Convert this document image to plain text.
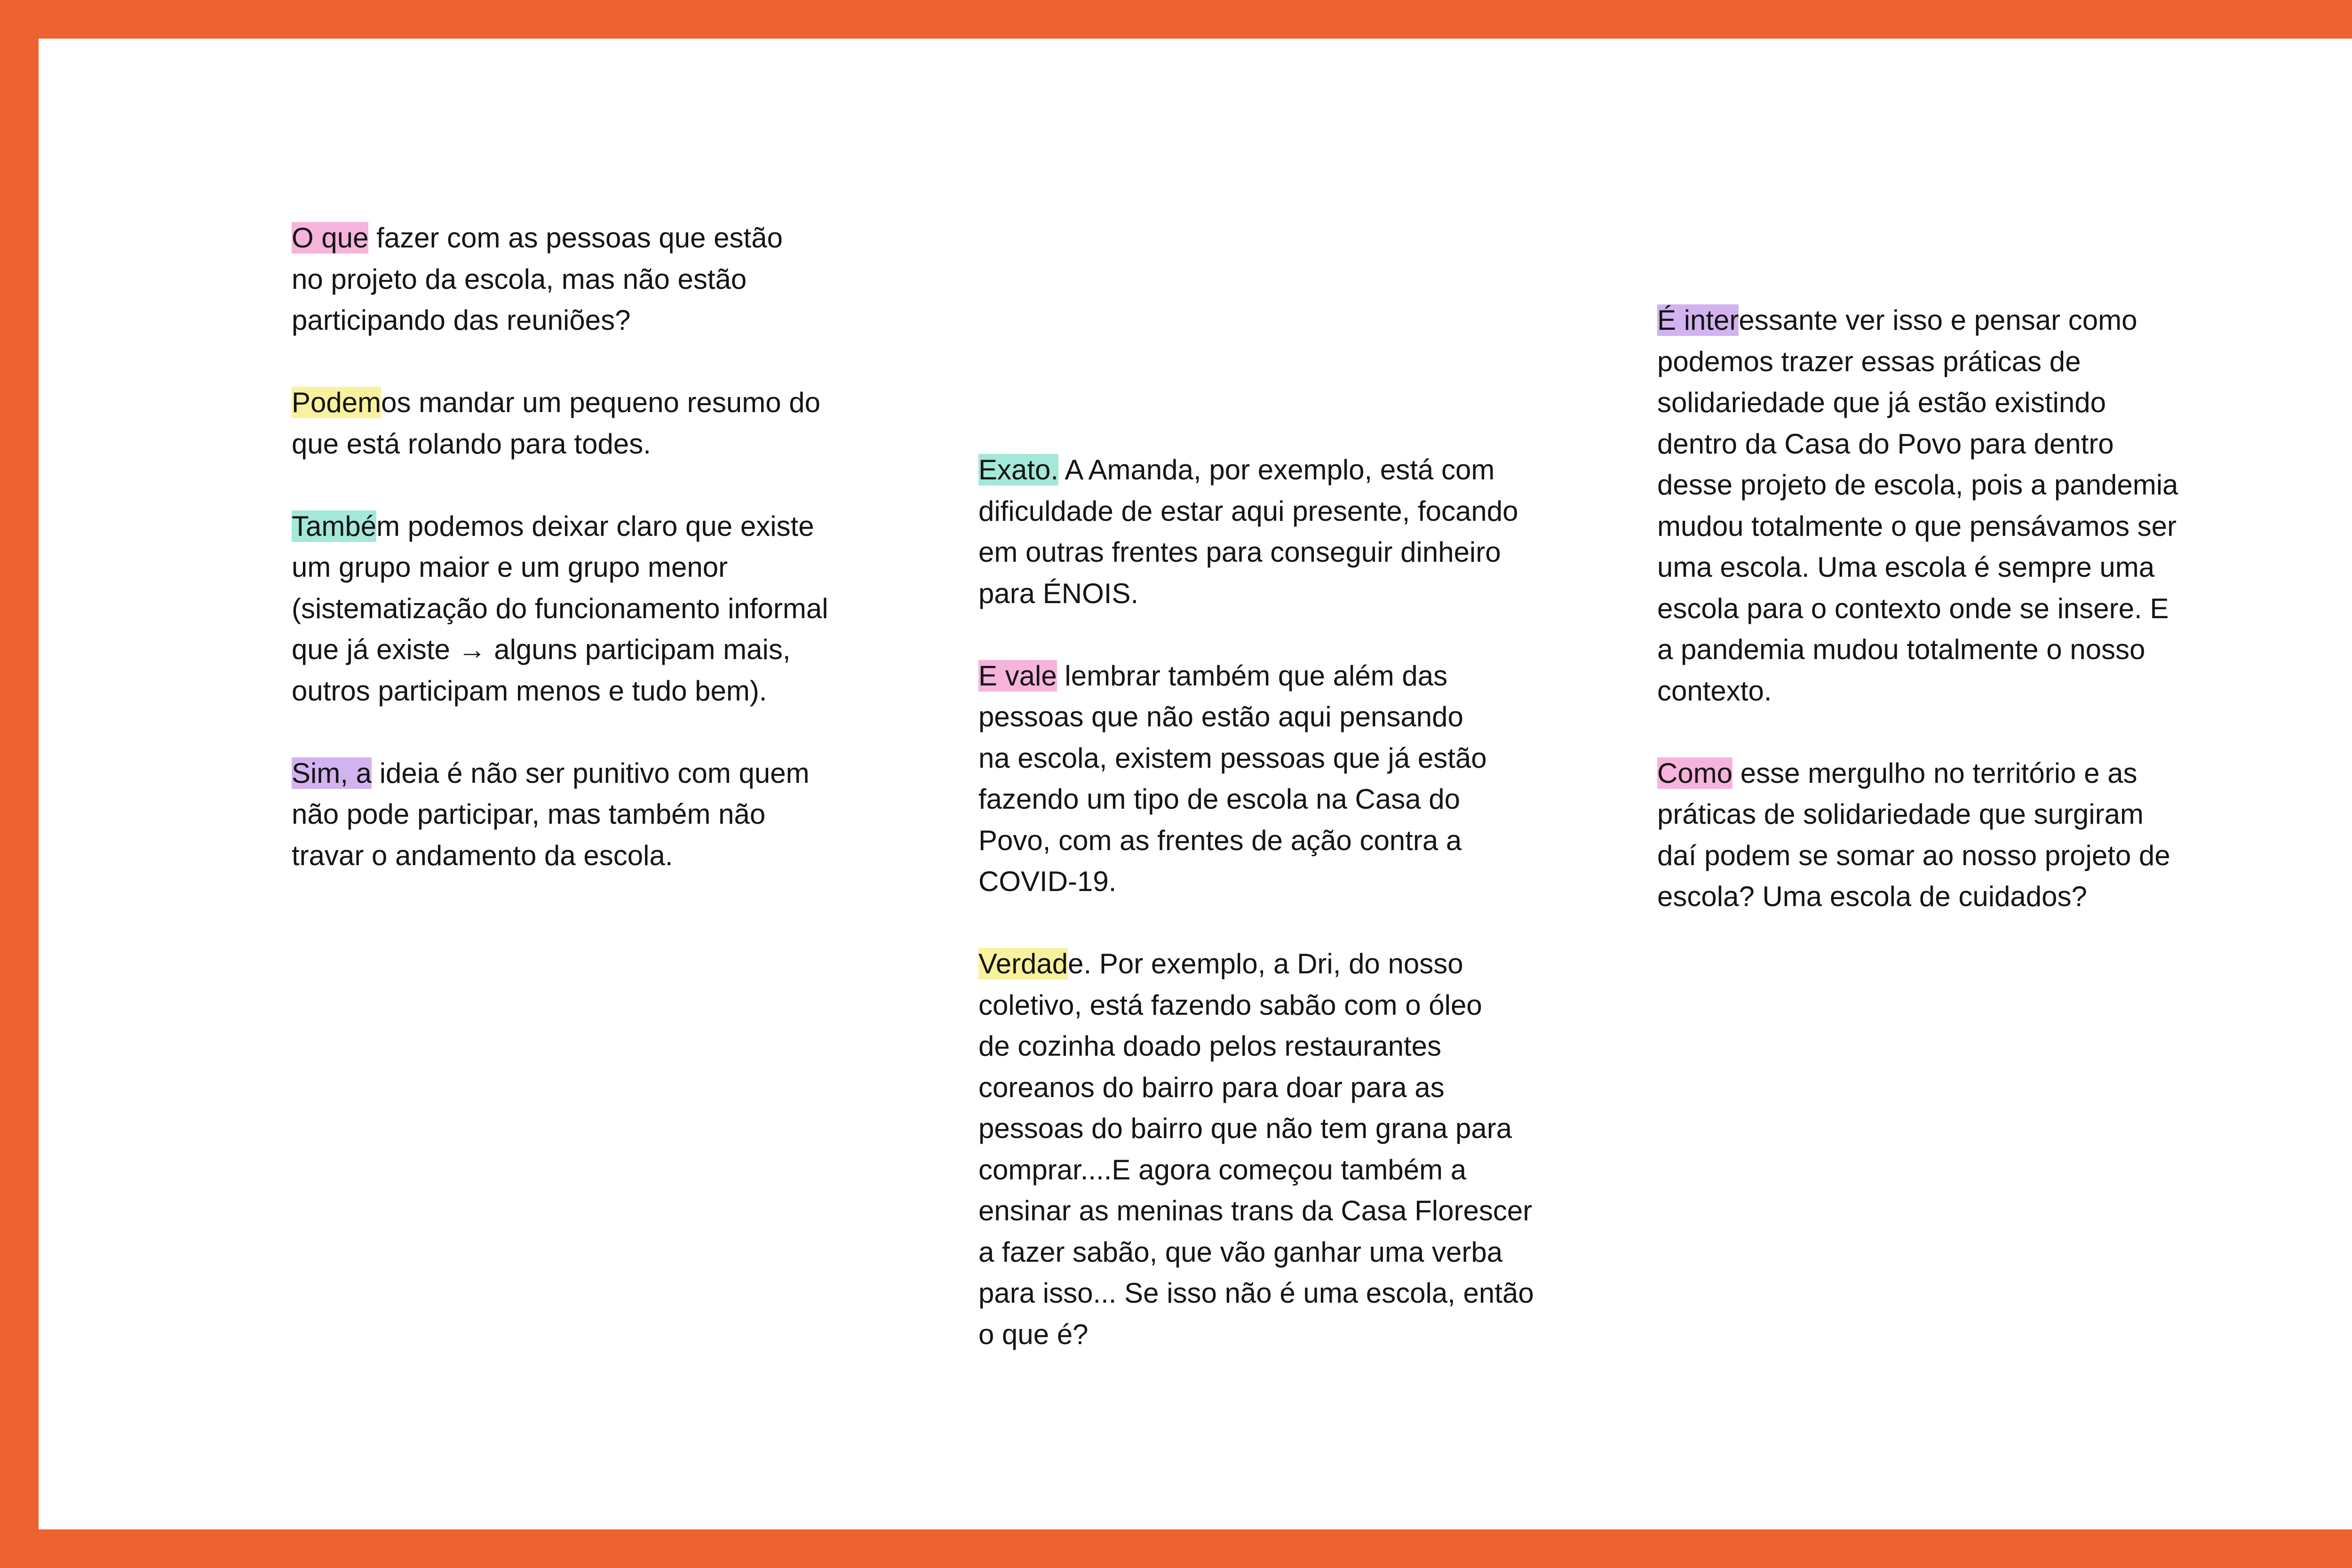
O que fazer com as pessoas que estão
no projeto da escola, mas não estão
participando das reuniões?

Podemos mandar um pequeno resumo do
que está rolando para todes.

Também podemos deixar claro que existe
um grupo maior e um grupo menor
(sistematização do funcionamento informal
que já existe → alguns participam mais,
outros participam menos e tudo bem).

Sim, a ideia é não ser punitivo com quem
não pode participar, mas também não
travar o andamento da escola.

Exato. A Amanda, por exemplo, está com
dificuldade de estar aqui presente, focando
em outras frentes para conseguir dinheiro
para ÉNOIS.

E vale lembrar também que além das
pessoas que não estão aqui pensando
na escola, existem pessoas que já estão
fazendo um tipo de escola na Casa do
Povo, com as frentes de ação contra a
COVID-19.

Verdade. Por exemplo, a Dri, do nosso
coletivo, está fazendo sabão com o óleo
de cozinha doado pelos restaurantes
coreanos do bairro para doar para as
pessoas do bairro que não tem grana para
comprar....E agora começou também a
ensinar as meninas trans da Casa Florescer
a fazer sabão, que vão ganhar uma verba
para isso... Se isso não é uma escola, então
o que é?

É interessante ver isso e pensar como
podemos trazer essas práticas de
solidariedade que já estão existindo
dentro da Casa do Povo para dentro
desse projeto de escola, pois a pandemia
mudou totalmente o que pensávamos ser
uma escola. Uma escola é sempre uma
escola para o contexto onde se insere. E
a pandemia mudou totalmente o nosso
contexto.

Como esse mergulho no território e as
práticas de solidariedade que surgiram
daí podem se somar ao nosso projeto de
escola? Uma escola de cuidados?
